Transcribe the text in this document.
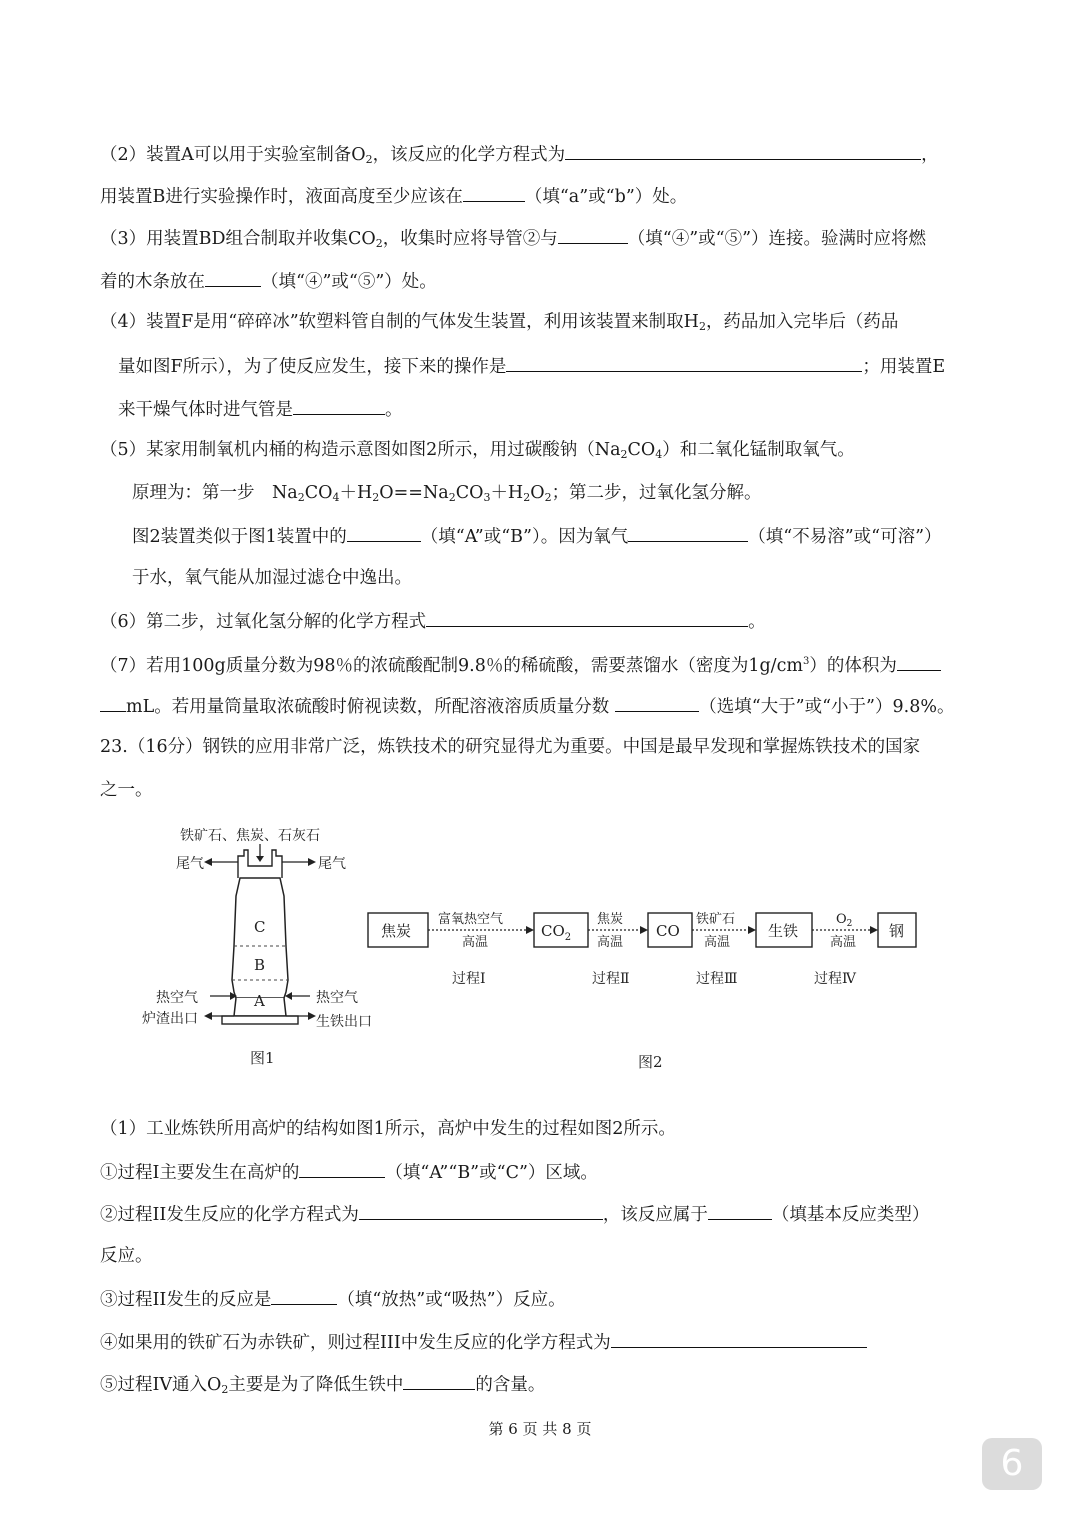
（2）装置A可以用于实验室制备$O_2$，该反应的化学方程式为	，
用装置B进行实验操作时，液面高度至少应该在	（填“a”或“b”）处。
（3）用装置BD组合制取并收集$CO_2$，收集时应将导管②与	（填“④”或“⑤”）连接。验满时应将燃
着的木条放在	（填“④”或“⑤”）处。
（4）装置F是用“碎碎冰”软塑料管自制的气体发生装置，利用该装置来制取$H_2$，药品加入完毕后（药品
量如图F所示），为了使反应发生，接下来的操作是	；用装置E
来干燥气体时进气管是	。
（5）某家用制氧机内桶的构造示意图如图2所示，用过碳酸钠$(Na_2CO_4)$和二氧化锰制取氧气。
原理为：第一步　$Na_2CO_4+H_2O==Na_2CO_3+H_2O_2$；第二步，过氧化氢分解。
图2装置类似于图1装置中的	（填“A”或“B”）。因为氧气	（填“不易溶”或“可溶”）
于水，氧气能从加湿过滤仓中逸出。
（6）第二步，过氧化氢分解的化学方程式	。
（7）若用100g质量分数为98％的浓硫酸配制9.8％的稀硫酸，需要蒸馏水（密度为$1g/cm^3$）的体积为
mL。若用量筒量取浓硫酸时俯视读数，所配溶液溶质质量分数	（选填“大于”或“小于”）9.8%。
23.（16分）钢铁的应用非常广泛，炼铁技术的研究显得尤为重要。中国是最早发现和掌握炼铁技术的国家
之一。
铁矿石、焦炭、石灰石
尾气	尾气
C
B
A
热空气	热空气
炉渣出口	生铁出口
图1
焦炭	$CO_2$	CO	生铁	钢
富氧热空气
高温
焦炭
高温
铁矿石
高温
$O_2$
高温
过程Ⅰ	过程Ⅱ	过程Ⅲ	过程Ⅳ
图2
（1）工业炼铁所用高炉的结构如图1所示，高炉中发生的过程如图2所示。
①过程I主要发生在高炉的	（填“A”“B”或“C”）区域。
②过程II发生反应的化学方程式为	，该反应属于	（填基本反应类型）
反应。
③过程II发生的反应是	（填“放热”或“吸热”）反应。
④如果用的铁矿石为赤铁矿，则过程III中发生反应的化学方程式为
⑤过程IV通入$O_2$主要是为了降低生铁中	的含量。
第 6 页 共 8 页
6
